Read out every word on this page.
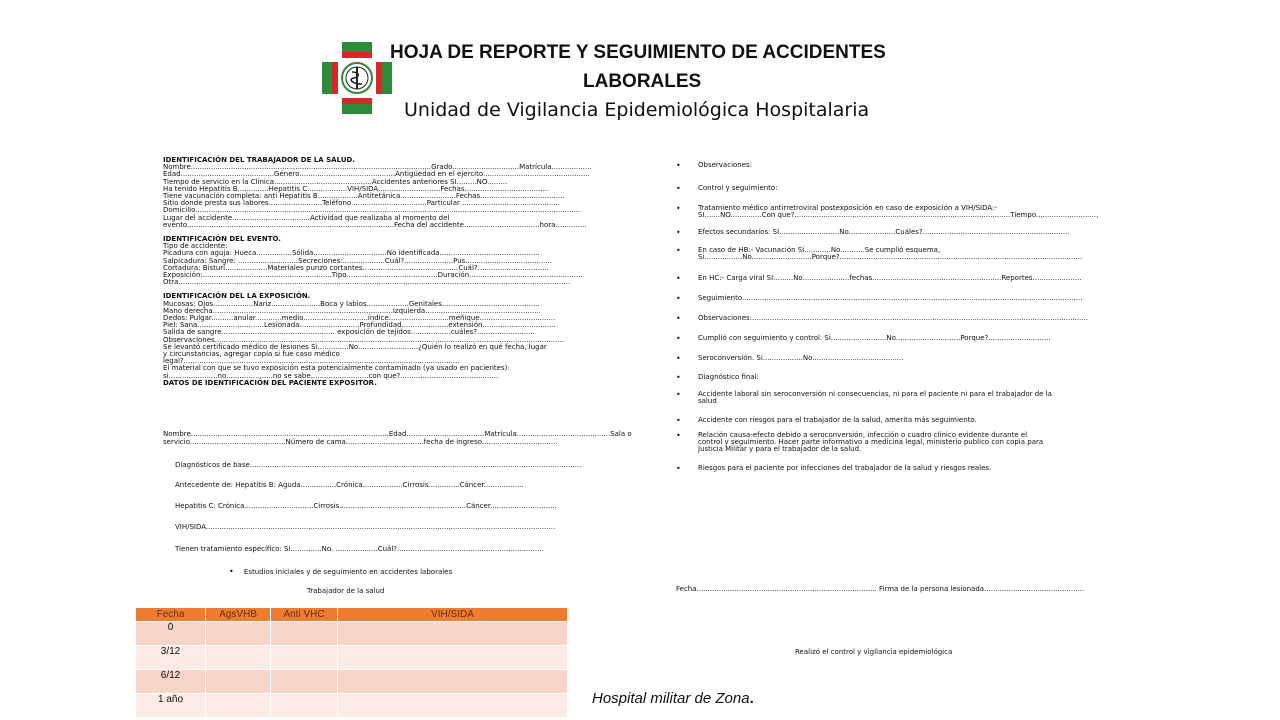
HOJA DE REPORTE Y SEGUIMIENTO DE ACCIDENTES
LABORALES
Unidad de Vigilancia Epidemiológica Hospitalaria
IDENTIFICACIÓN DEL TRABAJADOR DE LA SALUD.
Nombre............................................................................................................Grado..............................Matrícula..................
Edad..........................................Género...........................................Antigüedad en el ejercito................................................
Tiempo de servicio en la Clínica............................................Accidentes anteriores SI.........NO.........
Ha tenido Hepatitis B..............Hepatitis C..................VIH/SIDA............................Fechas......................................
Tiene vacunación completa: anti Hepatitis B..................Antitetánica.........................Fechas......................................
Sitio donde presta sus labores........................Teléfono..................................Particular ............................................
Domicilio.............................................................................................................................................................................
Lugar del accidente...................................Actividad que realizaba al momento del
evento.............................................................................................Fecha del accidente..................................hora..............
IDENTIFICACIÓN DEL EVENTO.
Tipo de accidente:
Picadura con aguja: Hueca................Sólida.................................No identificada.............................................
Salpicadura: Sangre: ...........................Secreciones:...................Cuál?......................Pus.......................................
Cortadura: Bisturí...................Materiales punzo cortantes...........................................Cuál?................................
Exposición:..........................................................Tipo.........................................Duración...................................................
Otra................................................................................................................................................................................
IDENTIFICACIÓN DEL LA EXPOSICIÓN.
Mucosas: Ojos..................Nariz......................Boca y labios...................Genitales............................................
Mano derecha.................................................................................Izquierda....................................................
Dedos: Pulgar..........anular............medio.............................índice...........................meñique..................................
Piel: Sana..............................Lesionada...........................Profundidad.....................extensión.................................
Salida de sangre................................................... exposición de tejidos..................cuáles?..........................
Observaciones.............................................................................................................................................................
Se levantó certificado médico de lesiones Si..............No...........................¿Quién lo realizó en qué fecha, lugar
y circunstancias, agregar copia si fue caso médico
legal?............................................................................................................................
El material con que se tuvo exposición esta potencialmente contaminado (ya usado en pacientes):
si......................no.....................no se sabe..........................con que?............................................
DATOS DE IDENTIFICACIÓN DEL PACIENTE EXPOSITOR.
Nombre.........................................................................................Edad...................................Matrícula..........................................Sala o
servicio...........................................Número de cama...................................fecha de ingreso..................................
Diagnósticos de base.....................................................................................................................................................
Antecedente de: Hepatitis B: Aguda................Crónica..................Cirrosis..............Cáncer..................
Hepatitis C: Crónica...............................Cirrosis.........................................................Cáncer..............................
VIH/SIDA.............................................................................................................................................................
Tienen tratamiento específico: Si..............No. ...................Cuál?..................................................................
•    Estudios iniciales y de seguimiento en accidentes laborales
Trabajador de la salud
Fecha	AgsVHB	Anti VHC	VIH/SIDA
0			
3/12			
6/12			
1 año			
• Observaciones:
• Control y seguimiento:
• Tratamiento médico antirretroviral postexposición en caso de exposición a VIH/SIDA:-
SI.......NO..............Con que?.................................................................................................Tiempo...........................,
• Efectos secundarios: SI...........................No.....................Cuáles?..................................................................
• En caso de HB:- Vacunación Si............No...........Se cumplió esquema,
Si.................No...........................Porque?.............................................................................................................
• En HC:- Carga viral SI.........No.....................fechas..........................................................Reportes......................
• Seguimiento.........................................................................................................................................................
• Observaciones:.......................................................................................................................................................
• Cumplió con seguimiento y control. Si.........................No.............................Porque?............................
• Seroconversión. Si..................No.........................................
• Diagnóstico final:
• Accidente laboral sin seroconversión ni consecuencias, ni para el paciente ni para el trabajador de la
salud
• Accidente con riesgos para el trabajador de la salud, amerita más seguimiento.
• Relación causa-efecto debido a seroconversión, infección o cuadro clínico evidente durante el
control y seguimiento. Hacer parte informativo a medicina legal, ministerio publico con copia para
Justicia Militar y para el trabajador de la salud.
• Riesgos para el paciente por infecciones del trabajador de la salud y riesgos reales.
Fecha................................................................................. Firma de la persona lesionada.............................................
Realizó el control y vigilancia epidemiológica
Hospital militar de Zona.
